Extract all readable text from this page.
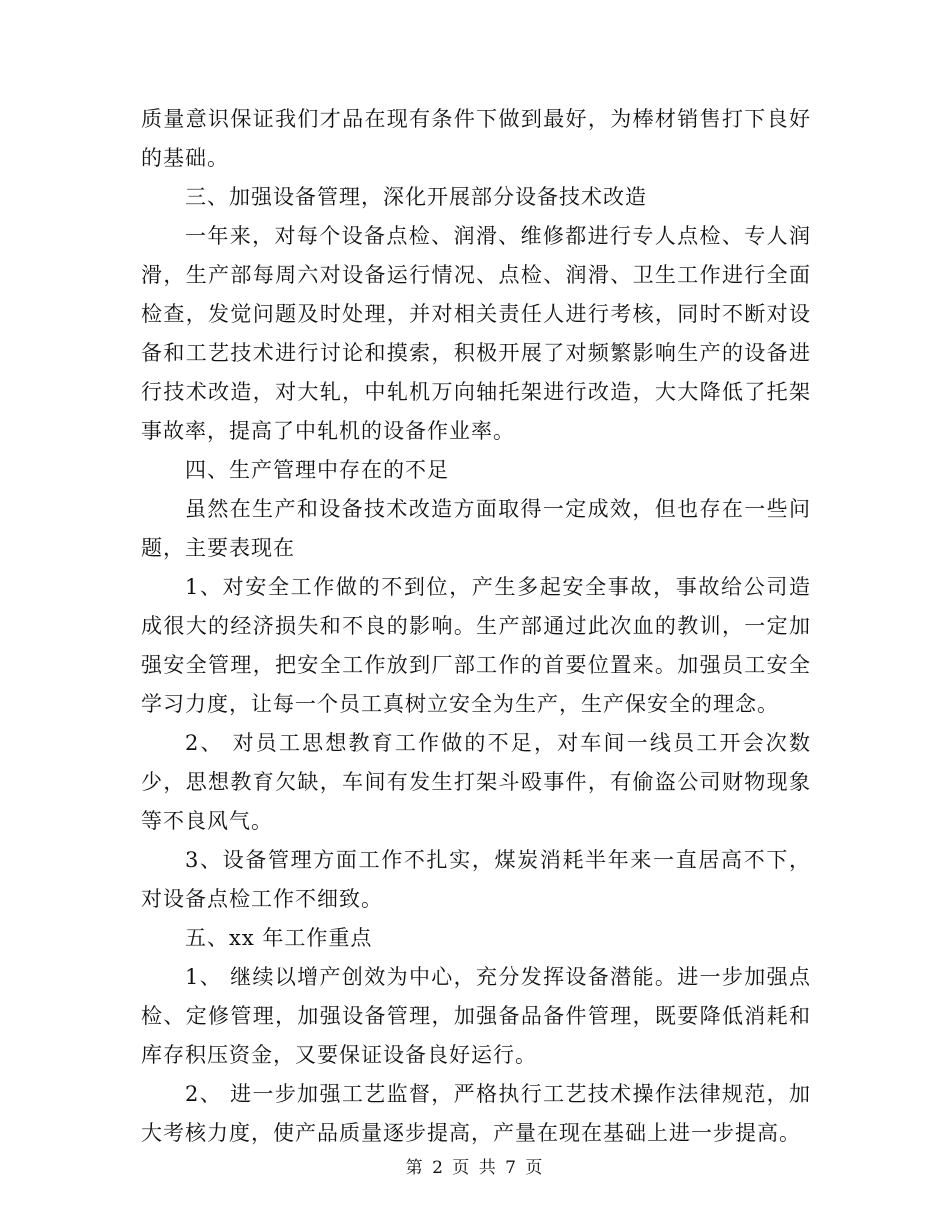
质量意识保证我们才品在现有条件下做到最好，为棒材销售打下良好的基础。

三、加强设备管理，深化开展部分设备技术改造

一年来，对每个设备点检、润滑、维修都进行专人点检、专人润滑，生产部每周六对设备运行情况、点检、润滑、卫生工作进行全面检查，发觉问题及时处理，并对相关责任人进行考核，同时不断对设备和工艺技术进行讨论和摸索，积极开展了对频繁影响生产的设备进行技术改造，对大轧，中轧机万向轴托架进行改造，大大降低了托架事故率，提高了中轧机的设备作业率。

四、生产管理中存在的不足

虽然在生产和设备技术改造方面取得一定成效，但也存在一些问题，主要表现在

1、对安全工作做的不到位，产生多起安全事故，事故给公司造成很大的经济损失和不良的影响。生产部通过此次血的教训，一定加强安全管理，把安全工作放到厂部工作的首要位置来。加强员工安全学习力度，让每一个员工真树立安全为生产，生产保安全的理念。

2、 对员工思想教育工作做的不足，对车间一线员工开会次数少，思想教育欠缺，车间有发生打架斗殴事件，有偷盗公司财物现象等不良风气。

3、设备管理方面工作不扎实，煤炭消耗半年来一直居高不下，对设备点检工作不细致。

五、xx 年工作重点

1、 继续以增产创效为中心，充分发挥设备潜能。进一步加强点检、定修管理，加强设备管理，加强备品备件管理，既要降低消耗和库存积压资金，又要保证设备良好运行。

2、 进一步加强工艺监督，严格执行工艺技术操作法律规范，加大考核力度，使产品质量逐步提高，产量在现在基础上进一步提高。

第 2 页 共 7 页
